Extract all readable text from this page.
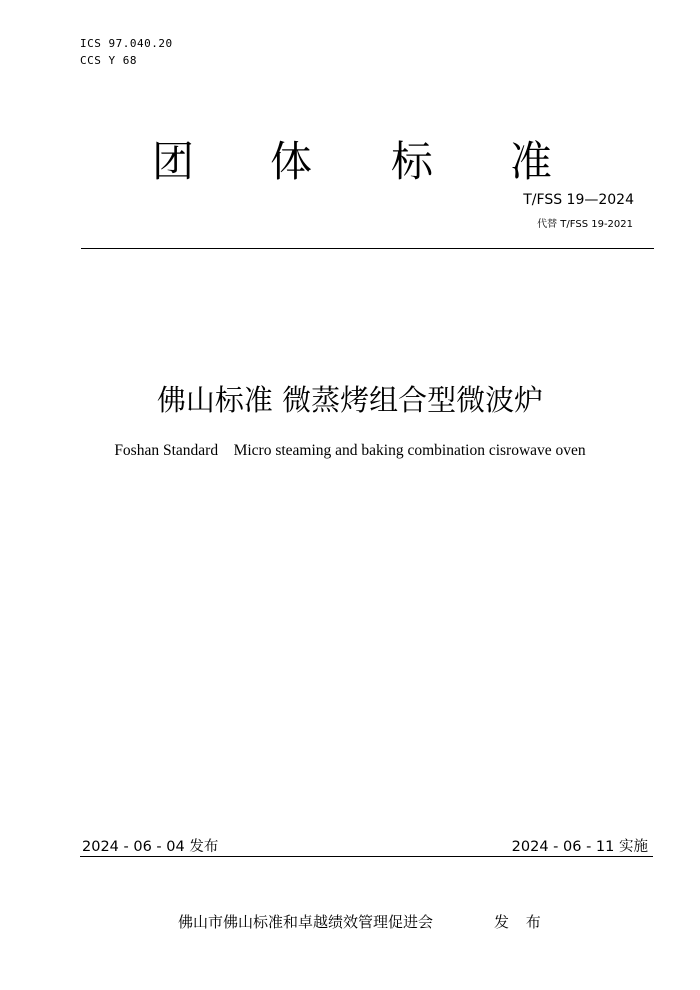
ICS 97.040.20
CCS Y 68
团 体 标 准
T/FSS 19—2024
代替 T/FSS 19-2021
佛山标准 微蒸烤组合型微波炉
Foshan Standard    Micro steaming and baking combination cisrowave oven
2024 - 06 - 04 发布	2024 - 06 - 11 实施
佛山市佛山标准和卓越绩效管理促进会	发 布
